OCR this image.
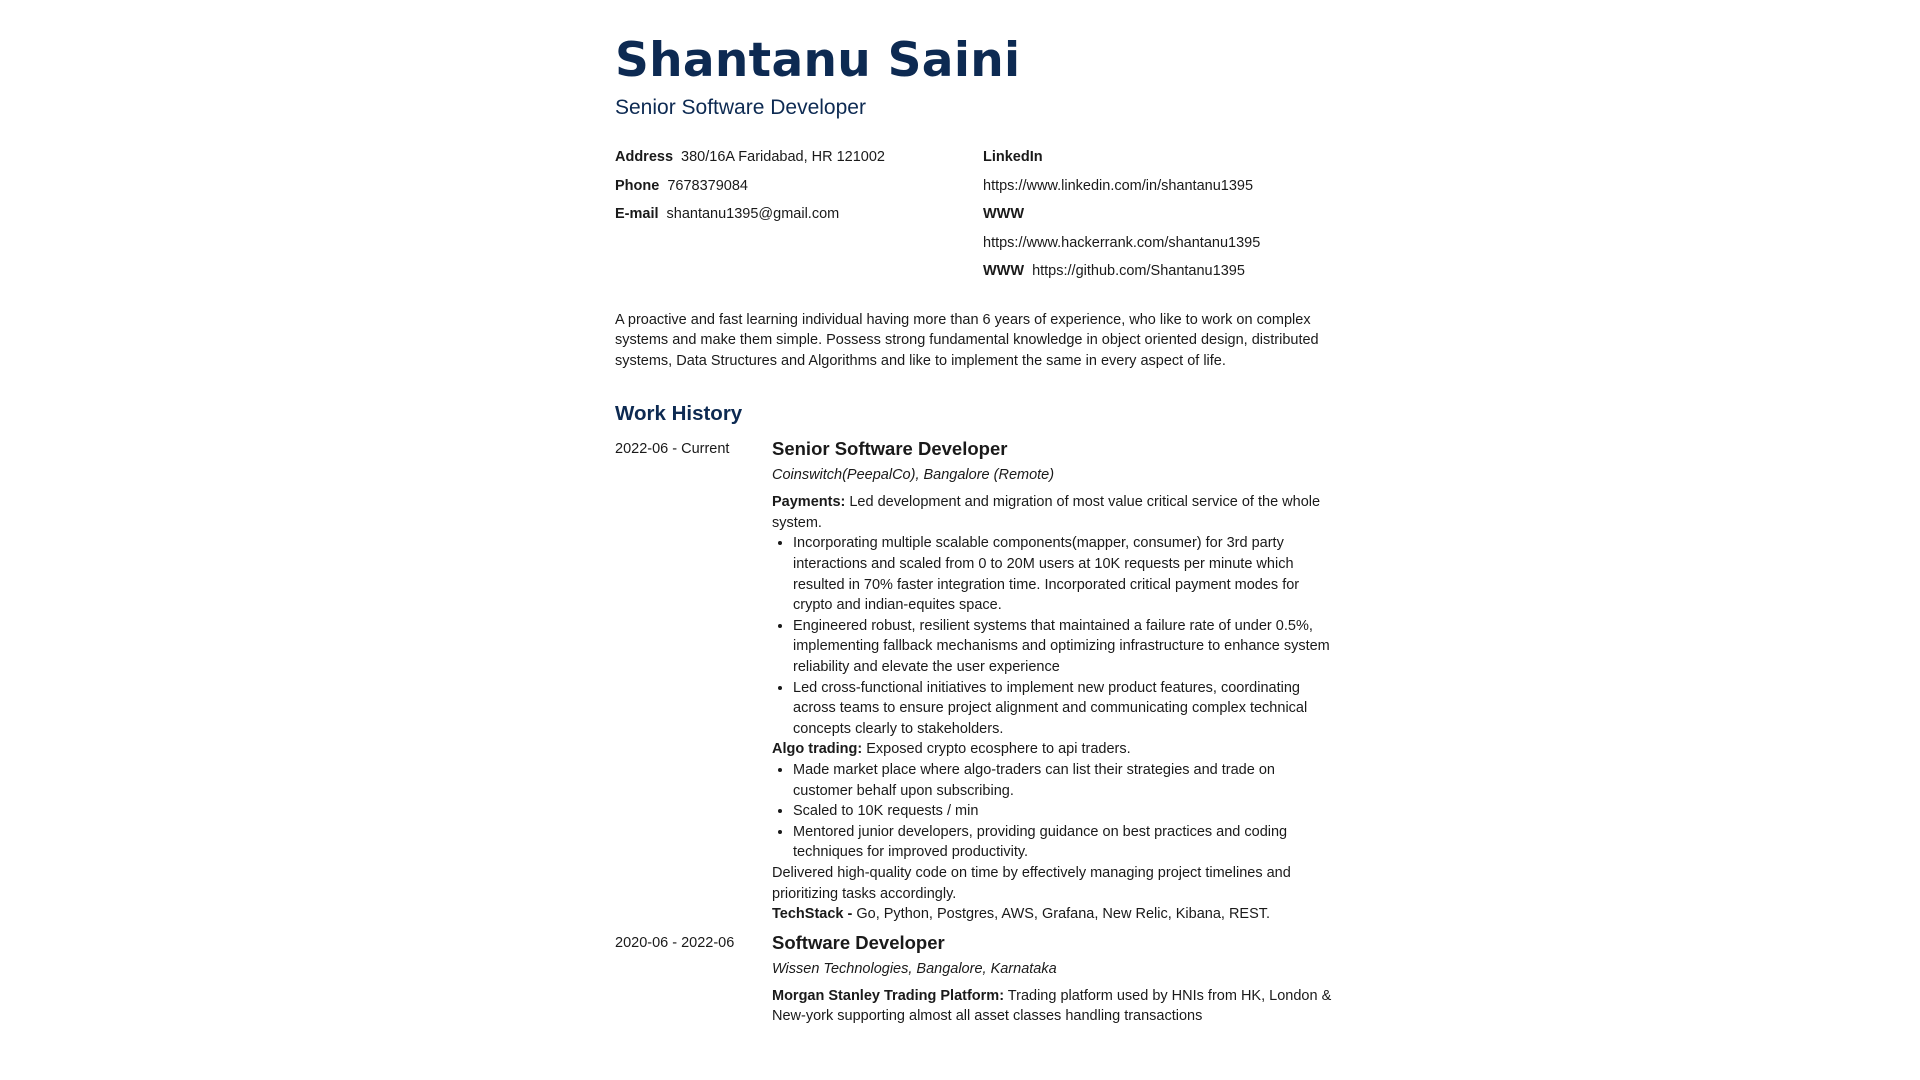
Shantanu Saini
Senior Software Developer
Address 380/16A Faridabad, HR 121002
Phone 7678379084
E-mail shantanu1395@gmail.com
LinkedIn
https://www.linkedin.com/in/shantanu1395
WWW
https://www.hackerrank.com/shantanu1395
WWW https://github.com/Shantanu1395
A proactive and fast learning individual having more than 6 years of experience, who like to work on complex systems and make them simple. Possess strong fundamental knowledge in object oriented design, distributed systems, Data Structures and Algorithms and like to implement the same in every aspect of life.
Work History
2022-06 - Current	Senior Software Developer
Coinswitch(PeepalCo), Bangalore (Remote)
Payments: Led development and migration of most value critical service of the whole system.
• Incorporating multiple scalable components(mapper, consumer) for 3rd party interactions and scaled from 0 to 20M users at 10K requests per minute which resulted in 70% faster integration time. Incorporated critical payment modes for crypto and indian-equites space.
• Engineered robust, resilient systems that maintained a failure rate of under 0.5%, implementing fallback mechanisms and optimizing infrastructure to enhance system reliability and elevate the user experience
• Led cross-functional initiatives to implement new product features, coordinating across teams to ensure project alignment and communicating complex technical concepts clearly to stakeholders.
Algo trading: Exposed crypto ecosphere to api traders.
• Made market place where algo-traders can list their strategies and trade on customer behalf upon subscribing.
• Scaled to 10K requests / min
• Mentored junior developers, providing guidance on best practices and coding techniques for improved productivity.
Delivered high-quality code on time by effectively managing project timelines and prioritizing tasks accordingly.
TechStack - Go, Python, Postgres, AWS, Grafana, New Relic, Kibana, REST.
2020-06 - 2022-06	Software Developer
Wissen Technologies, Bangalore, Karnataka
Morgan Stanley Trading Platform: Trading platform used by HNIs from HK, London & New-york supporting almost all asset classes handling transactions
